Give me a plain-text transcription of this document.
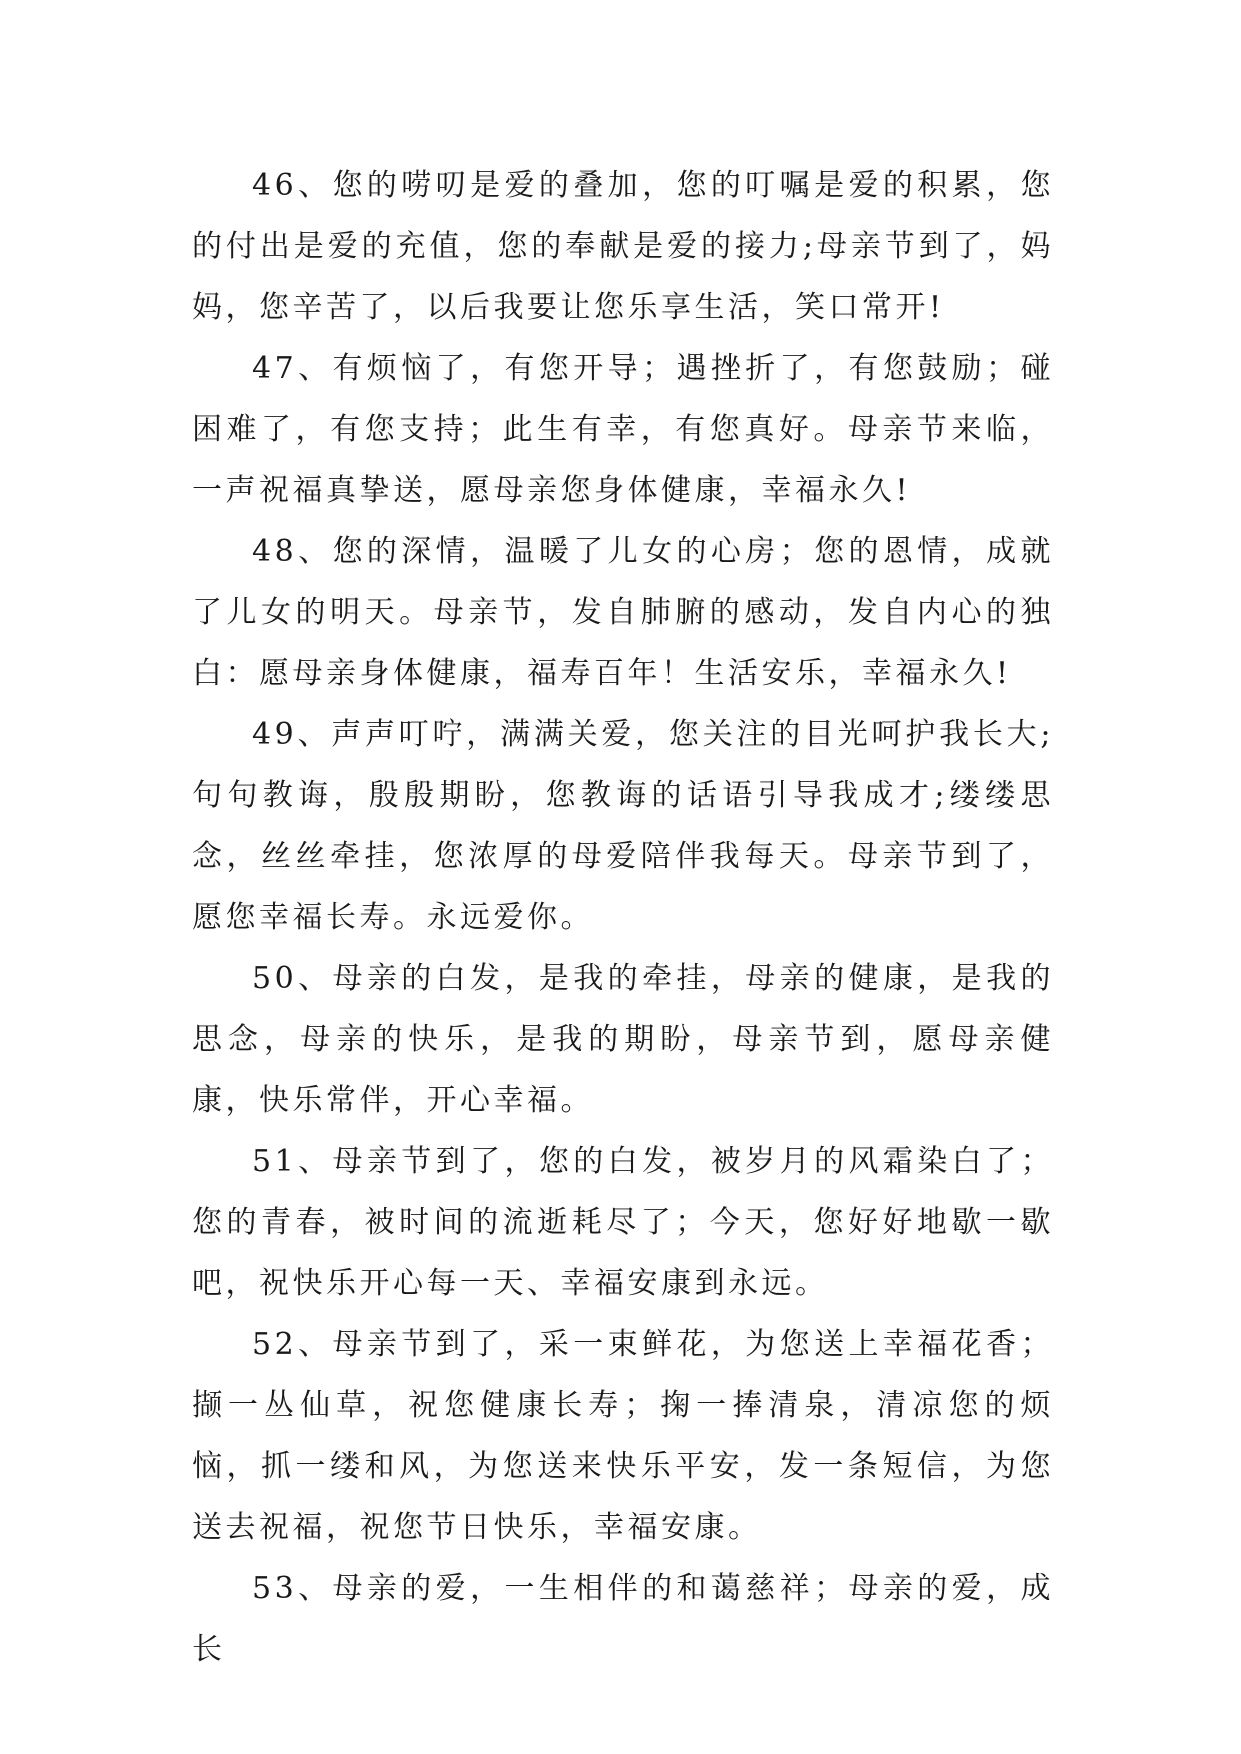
46、您的唠叨是爱的叠加，您的叮嘱是爱的积累，您的付出是爱的充值，您的奉献是爱的接力;母亲节到了，妈妈，您辛苦了，以后我要让您乐享生活，笑口常开!

47、有烦恼了，有您开导；遇挫折了，有您鼓励；碰困难了，有您支持；此生有幸，有您真好。母亲节来临，一声祝福真挚送，愿母亲您身体健康，幸福永久!

48、您的深情，温暖了儿女的心房；您的恩情，成就了儿女的明天。母亲节，发自肺腑的感动，发自内心的独白：愿母亲身体健康，福寿百年！生活安乐，幸福永久!

49、声声叮咛，满满关爱，您关注的目光呵护我长大;句句教诲，殷殷期盼，您教诲的话语引导我成才;缕缕思念，丝丝牵挂，您浓厚的母爱陪伴我每天。母亲节到了，愿您幸福长寿。永远爱你。

50、母亲的白发，是我的牵挂，母亲的健康，是我的思念，母亲的快乐，是我的期盼，母亲节到，愿母亲健康，快乐常伴，开心幸福。

51、母亲节到了，您的白发，被岁月的风霜染白了；您的青春，被时间的流逝耗尽了；今天，您好好地歇一歇吧，祝快乐开心每一天、幸福安康到永远。

52、母亲节到了，采一束鲜花，为您送上幸福花香；撷一丛仙草，祝您健康长寿；掬一捧清泉，清凉您的烦恼，抓一缕和风，为您送来快乐平安，发一条短信，为您送去祝福，祝您节日快乐，幸福安康。

53、母亲的爱，一生相伴的和蔼慈祥；母亲的爱，成长
